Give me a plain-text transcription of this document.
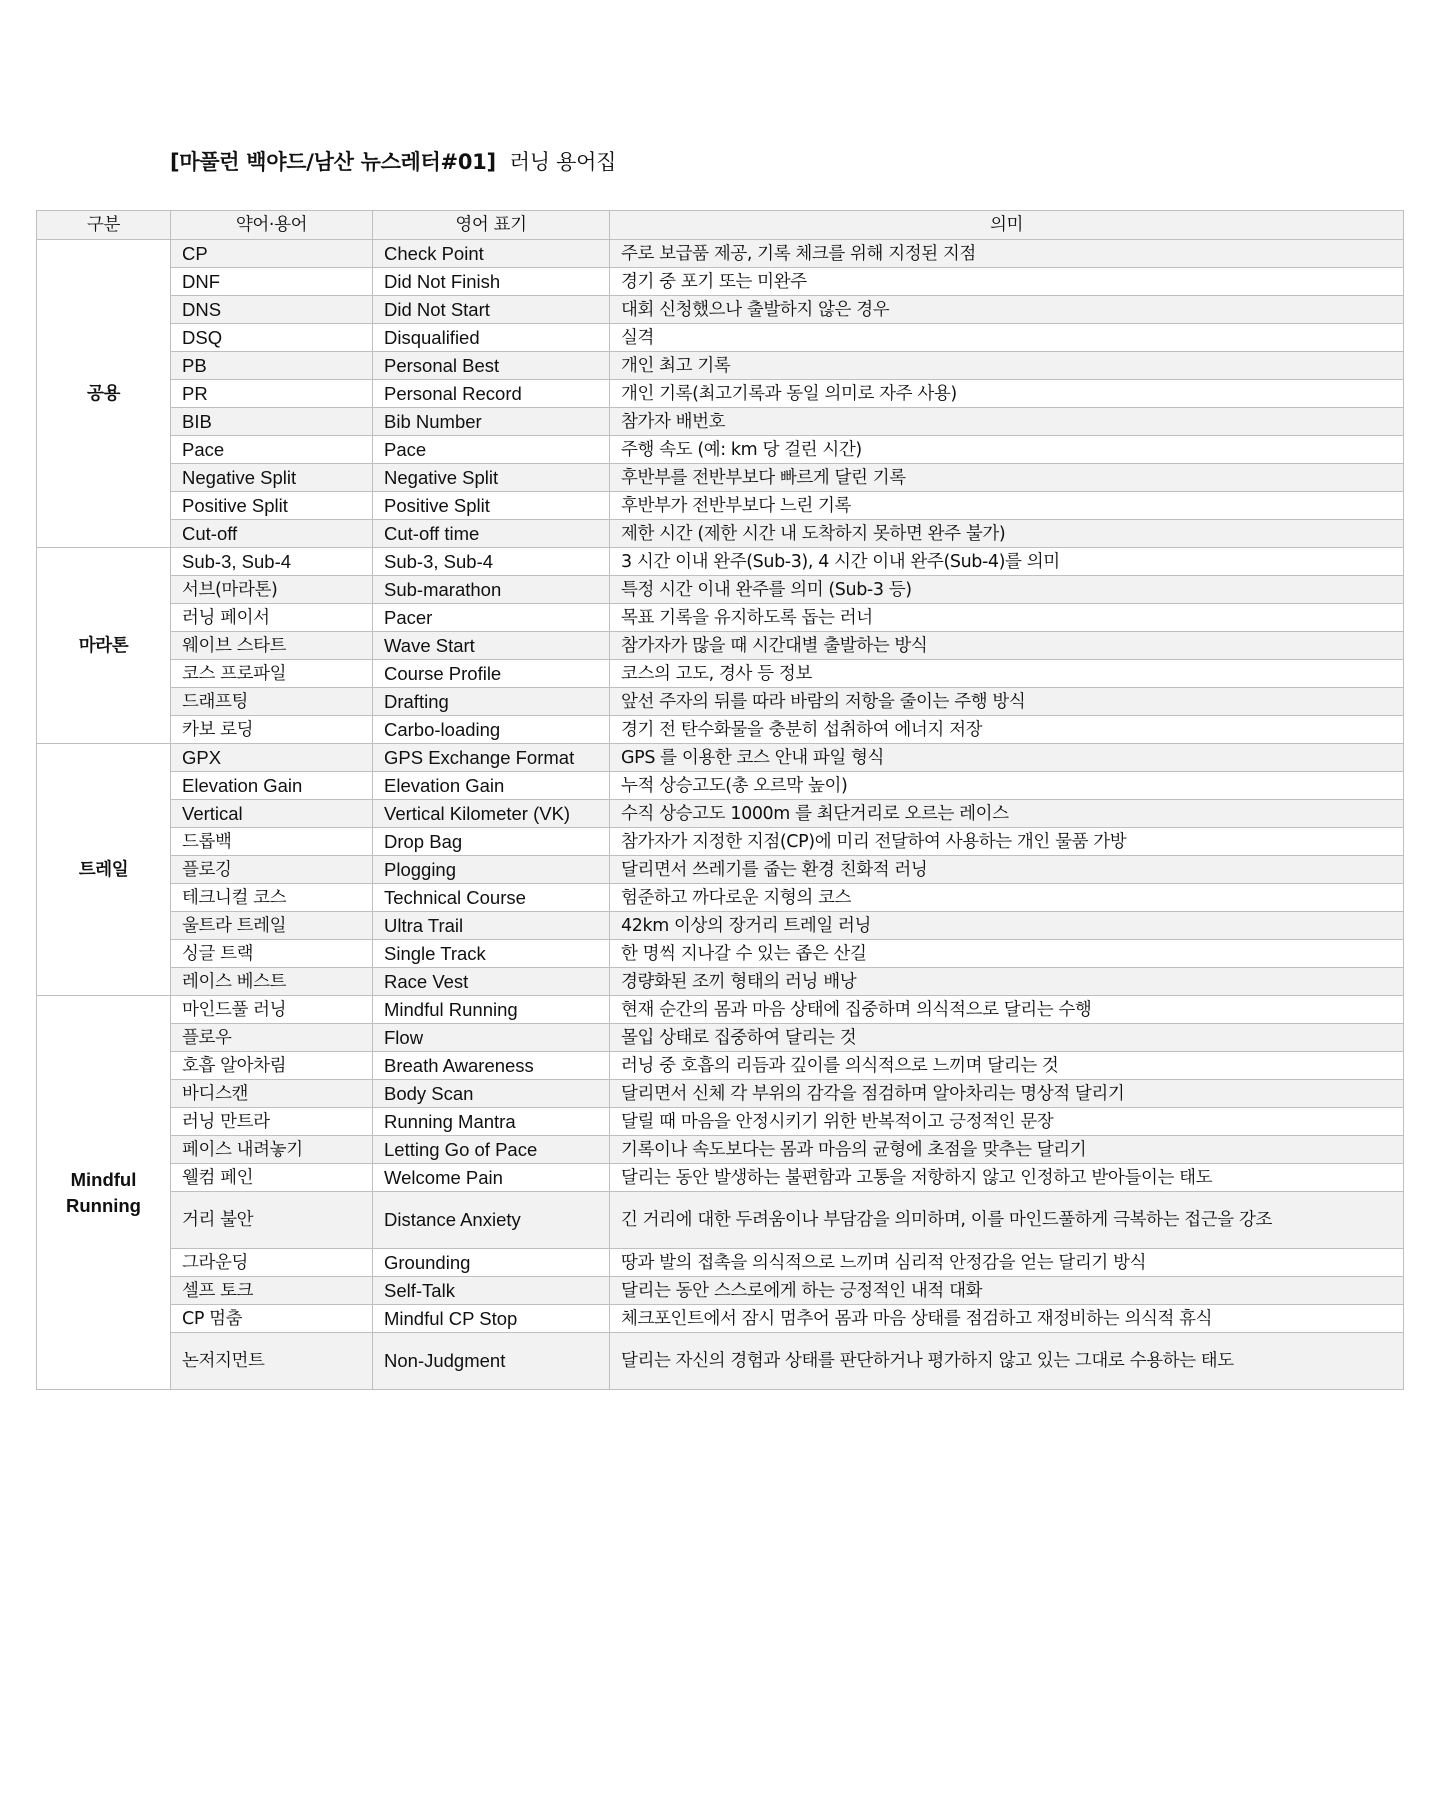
[마풀런 백야드/남산 뉴스레터#01] 러닝 용어집
구분	약어·용어	영어 표기	의미
공용	CP	Check Point	주로 보급품 제공, 기록 체크를 위해 지정된 지점
	DNF	Did Not Finish	경기 중 포기 또는 미완주
	DNS	Did Not Start	대회 신청했으나 출발하지 않은 경우
	DSQ	Disqualified	실격
	PB	Personal Best	개인 최고 기록
	PR	Personal Record	개인 기록(최고기록과 동일 의미로 자주 사용)
	BIB	Bib Number	참가자 배번호
	Pace	Pace	주행 속도 (예: km 당 걸린 시간)
	Negative Split	Negative Split	후반부를 전반부보다 빠르게 달린 기록
	Positive Split	Positive Split	후반부가 전반부보다 느린 기록
	Cut-off	Cut-off time	제한 시간 (제한 시간 내 도착하지 못하면 완주 불가)
마라톤	Sub-3, Sub-4	Sub-3, Sub-4	3 시간 이내 완주(Sub-3), 4 시간 이내 완주(Sub-4)를 의미
	서브(마라톤)	Sub-marathon	특정 시간 이내 완주를 의미 (Sub-3 등)
	러닝 페이서	Pacer	목표 기록을 유지하도록 돕는 러너
	웨이브 스타트	Wave Start	참가자가 많을 때 시간대별 출발하는 방식
	코스 프로파일	Course Profile	코스의 고도, 경사 등 정보
	드래프팅	Drafting	앞선 주자의 뒤를 따라 바람의 저항을 줄이는 주행 방식
	카보 로딩	Carbo-loading	경기 전 탄수화물을 충분히 섭취하여 에너지 저장
트레일	GPX	GPS Exchange Format	GPS 를 이용한 코스 안내 파일 형식
	Elevation Gain	Elevation Gain	누적 상승고도(총 오르막 높이)
	Vertical	Vertical Kilometer (VK)	수직 상승고도 1000m 를 최단거리로 오르는 레이스
	드롭백	Drop Bag	참가자가 지정한 지점(CP)에 미리 전달하여 사용하는 개인 물품 가방
	플로깅	Plogging	달리면서 쓰레기를 줍는 환경 친화적 러닝
	테크니컬 코스	Technical Course	험준하고 까다로운 지형의 코스
	울트라 트레일	Ultra Trail	42km 이상의 장거리 트레일 러닝
	싱글 트랙	Single Track	한 명씩 지나갈 수 있는 좁은 산길
	레이스 베스트	Race Vest	경량화된 조끼 형태의 러닝 배낭
Mindful Running	마인드풀 러닝	Mindful Running	현재 순간의 몸과 마음 상태에 집중하며 의식적으로 달리는 수행
	플로우	Flow	몰입 상태로 집중하여 달리는 것
	호흡 알아차림	Breath Awareness	러닝 중 호흡의 리듬과 깊이를 의식적으로 느끼며 달리는 것
	바디스캔	Body Scan	달리면서 신체 각 부위의 감각을 점검하며 알아차리는 명상적 달리기
	러닝 만트라	Running Mantra	달릴 때 마음을 안정시키기 위한 반복적이고 긍정적인 문장
	페이스 내려놓기	Letting Go of Pace	기록이나 속도보다는 몸과 마음의 균형에 초점을 맞추는 달리기
	웰컴 페인	Welcome Pain	달리는 동안 발생하는 불편함과 고통을 저항하지 않고 인정하고 받아들이는 태도
	거리 불안	Distance Anxiety	긴 거리에 대한 두려움이나 부담감을 의미하며, 이를 마인드풀하게 극복하는 접근을 강조
	그라운딩	Grounding	땅과 발의 접촉을 의식적으로 느끼며 심리적 안정감을 얻는 달리기 방식
	셀프 토크	Self-Talk	달리는 동안 스스로에게 하는 긍정적인 내적 대화
	CP 멈춤	Mindful CP Stop	체크포인트에서 잠시 멈추어 몸과 마음 상태를 점검하고 재정비하는 의식적 휴식
	논저지먼트	Non-Judgment	달리는 자신의 경험과 상태를 판단하거나 평가하지 않고 있는 그대로 수용하는 태도
